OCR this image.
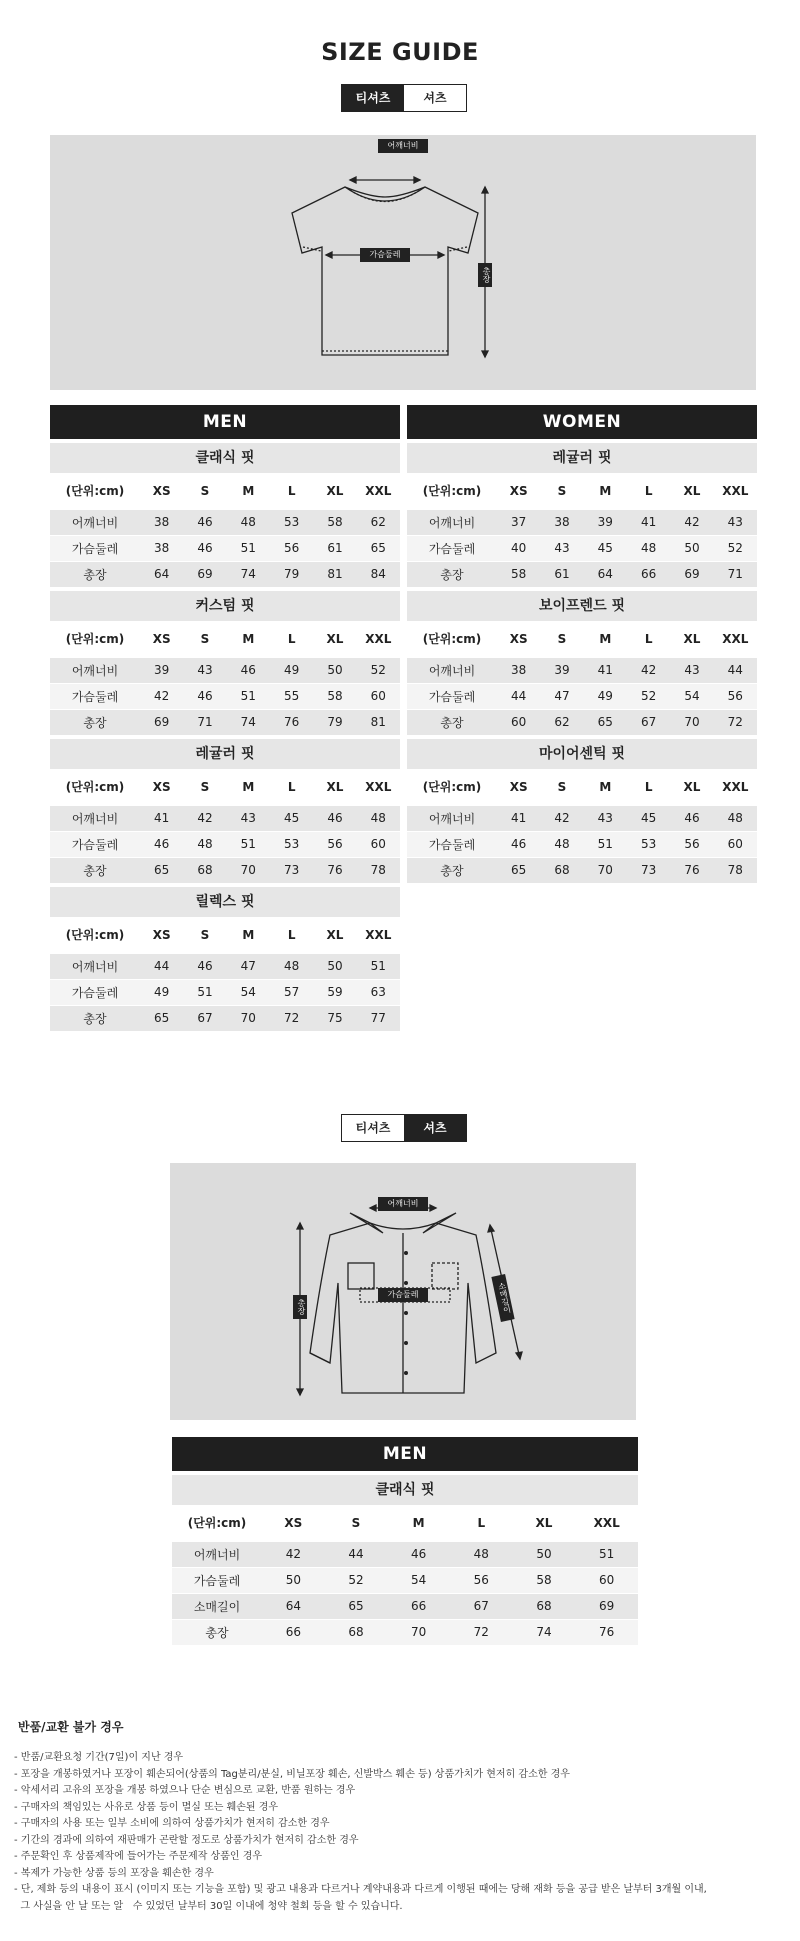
SIZE GUIDE
티셔츠	셔츠
어깨너비
가슴둘레
총장
MEN
클래식 핏
(단위:cm)	XS	S	M	L	XL	XXL
어깨너비	38	46	48	53	58	62
가슴둘레	38	46	51	56	61	65
총장	64	69	74	79	81	84
커스텀 핏
(단위:cm)	XS	S	M	L	XL	XXL
어깨너비	39	43	46	49	50	52
가슴둘레	42	46	51	55	58	60
총장	69	71	74	76	79	81
레귤러 핏
(단위:cm)	XS	S	M	L	XL	XXL
어깨너비	41	42	43	45	46	48
가슴둘레	46	48	51	53	56	60
총장	65	68	70	73	76	78
릴렉스 핏
(단위:cm)	XS	S	M	L	XL	XXL
어깨너비	44	46	47	48	50	51
가슴둘레	49	51	54	57	59	63
총장	65	67	70	72	75	77
WOMEN
레귤러 핏
(단위:cm)	XS	S	M	L	XL	XXL
어깨너비	37	38	39	41	42	43
가슴둘레	40	43	45	48	50	52
총장	58	61	64	66	69	71
보이프렌드 핏
(단위:cm)	XS	S	M	L	XL	XXL
어깨너비	38	39	41	42	43	44
가슴둘레	44	47	49	52	54	56
총장	60	62	65	67	70	72
마이어센틱 핏
(단위:cm)	XS	S	M	L	XL	XXL
어깨너비	41	42	43	45	46	48
가슴둘레	46	48	51	53	56	60
총장	65	68	70	73	76	78
티셔츠	셔츠
어깨너비
가슴둘레
총장	소매길이
MEN
클래식 핏
(단위:cm)	XS	S	M	L	XL	XXL
어깨너비	42	44	46	48	50	51
가슴둘레	50	52	54	56	58	60
소매길이	64	65	66	67	68	69
총장	66	68	70	72	74	76
반품/교환 불가 경우
- 반품/교환요청 기간(7일)이 지난 경우
- 포장을 개봉하였거나 포장이 훼손되어(상품의 Tag분리/분실, 비닐포장 훼손, 신발박스 훼손 등) 상품가치가 현저히 감소한 경우
- 악세서리 고유의 포장을 개봉 하였으나 단순 변심으로 교환, 반품 원하는 경우
- 구매자의 책임있는 사유로 상품 등이 멸실 또는 훼손된 경우
- 구매자의 사용 또는 일부 소비에 의하여 상품가치가 현저히 감소한 경우
- 기간의 경과에 의하여 재판매가 곤란할 정도로 상품가치가 현저히 감소한 경우
- 주문확인 후 상품제작에 들어가는 주문제작 상품인 경우
- 복제가 가능한 상품 등의 포장을 훼손한 경우
- 단, 제화 등의 내용이 표시 (이미지 또는 기능을 포함) 및 광고 내용과 다르거나 계약내용과 다르게 이행된 때에는 당해 재화 등을 공급 받은 날부터 3개월 이내,
그 사실을 안 날 또는 알   수 있었던 날부터 30일 이내에 청약 철회 등을 할 수 있습니다.
